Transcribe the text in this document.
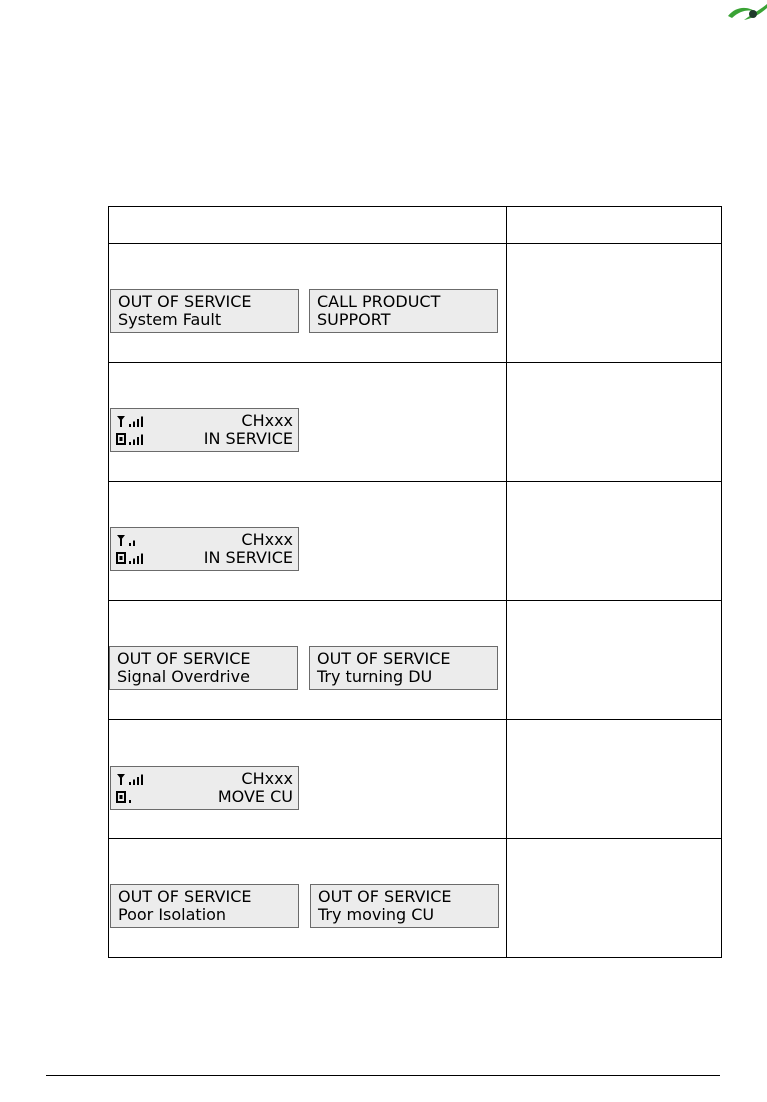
OUT OF SERVICE
System Fault
CALL PRODUCT
SUPPORT	

CHxxx
IN SERVICE	

CHxxx
IN SERVICE	

OUT OF SERVICE
Signal Overdrive
OUT OF SERVICE
Try turning DU	

CHxxx
MOVE CU	

OUT OF SERVICE
Poor Isolation
OUT OF SERVICE
Try moving CU	
